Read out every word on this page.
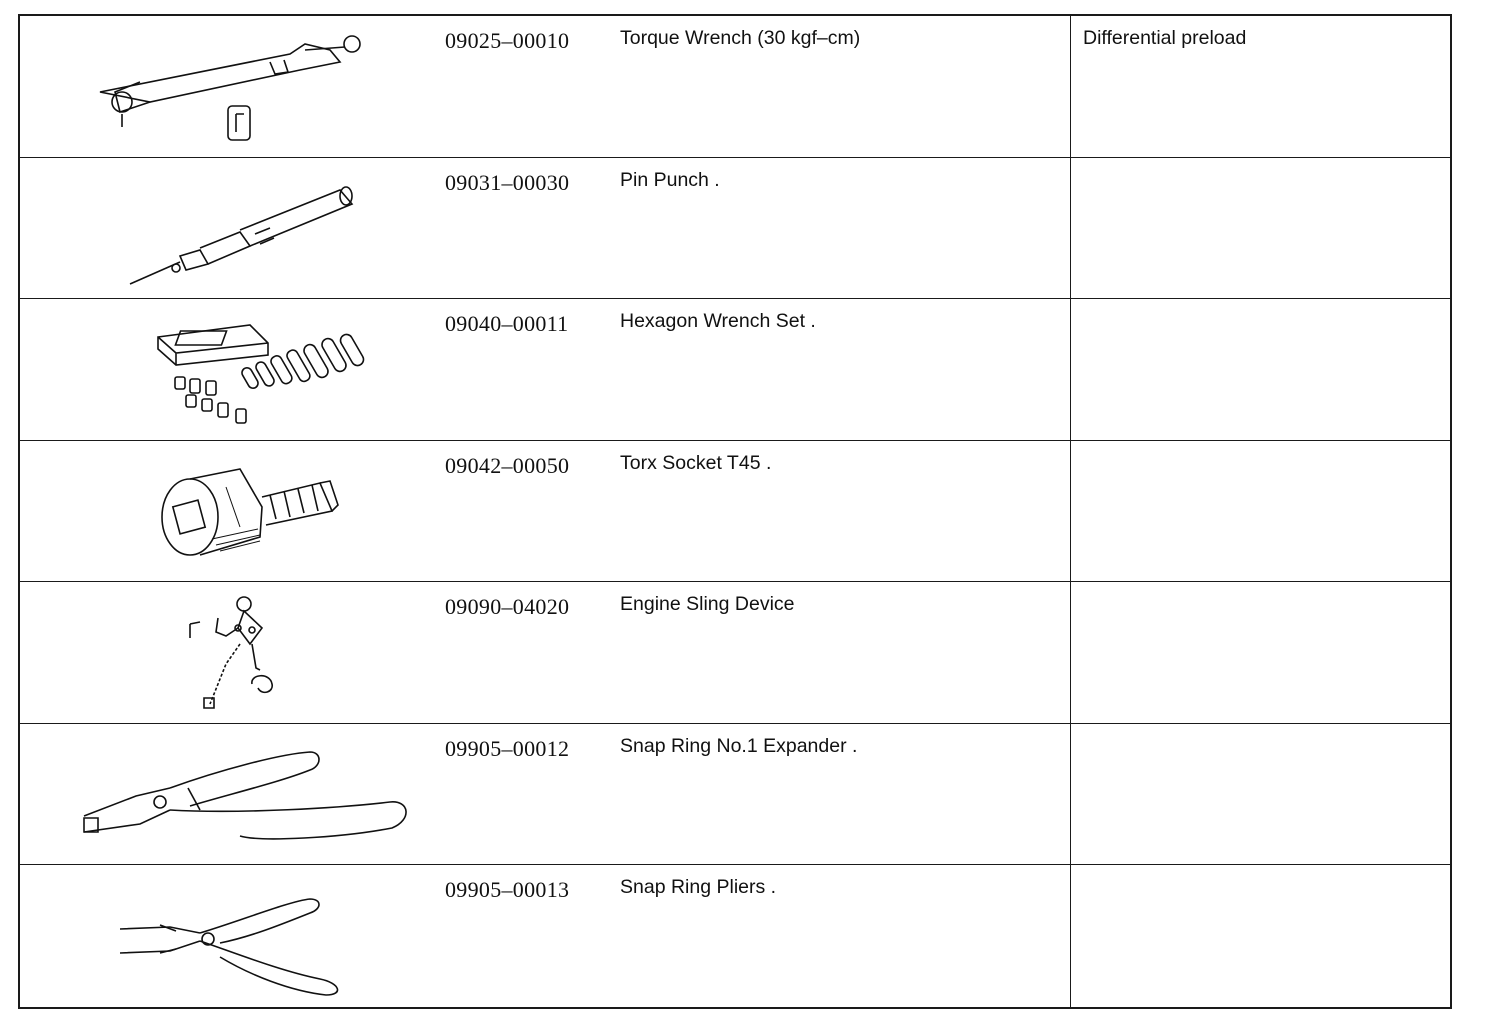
09025–00010	Torque Wrench (30 kgf–cm)	Differential preload
09031–00030	Pin Punch .
09040–00011	Hexagon Wrench Set .
09042–00050	Torx Socket T45 .
09090–04020	Engine Sling Device
09905–00012	Snap Ring No.1 Expander .
09905–00013	Snap Ring Pliers .
